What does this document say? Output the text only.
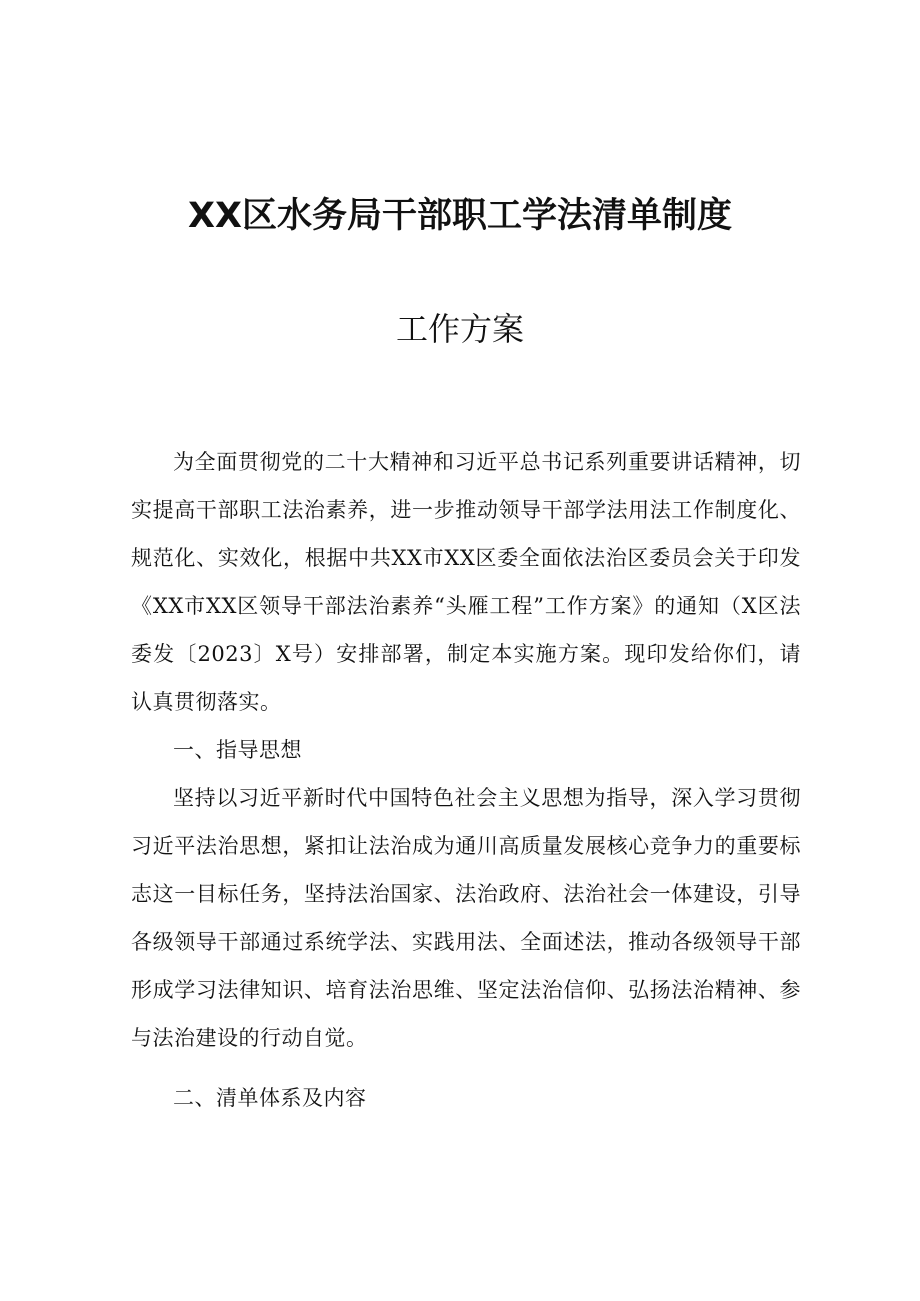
XX区水务局干部职工学法清单制度
工作方案

为全面贯彻党的二十大精神和习近平总书记系列重要讲话精神，切实提高干部职工法治素养，进一步推动领导干部学法用法工作制度化、规范化、实效化，根据中共XX市XX区委全面依法治区委员会关于印发《XX市XX区领导干部法治素养“头雁工程”工作方案》的通知（X区法委发〔2023〕X号）安排部署，制定本实施方案。现印发给你们，请认真贯彻落实。

一、指导思想

坚持以习近平新时代中国特色社会主义思想为指导，深入学习贯彻习近平法治思想，紧扣让法治成为通川高质量发展核心竞争力的重要标志这一目标任务，坚持法治国家、法治政府、法治社会一体建设，引导各级领导干部通过系统学法、实践用法、全面述法，推动各级领导干部形成学习法律知识、培育法治思维、坚定法治信仰、弘扬法治精神、参与法治建设的行动自觉。

二、清单体系及内容
